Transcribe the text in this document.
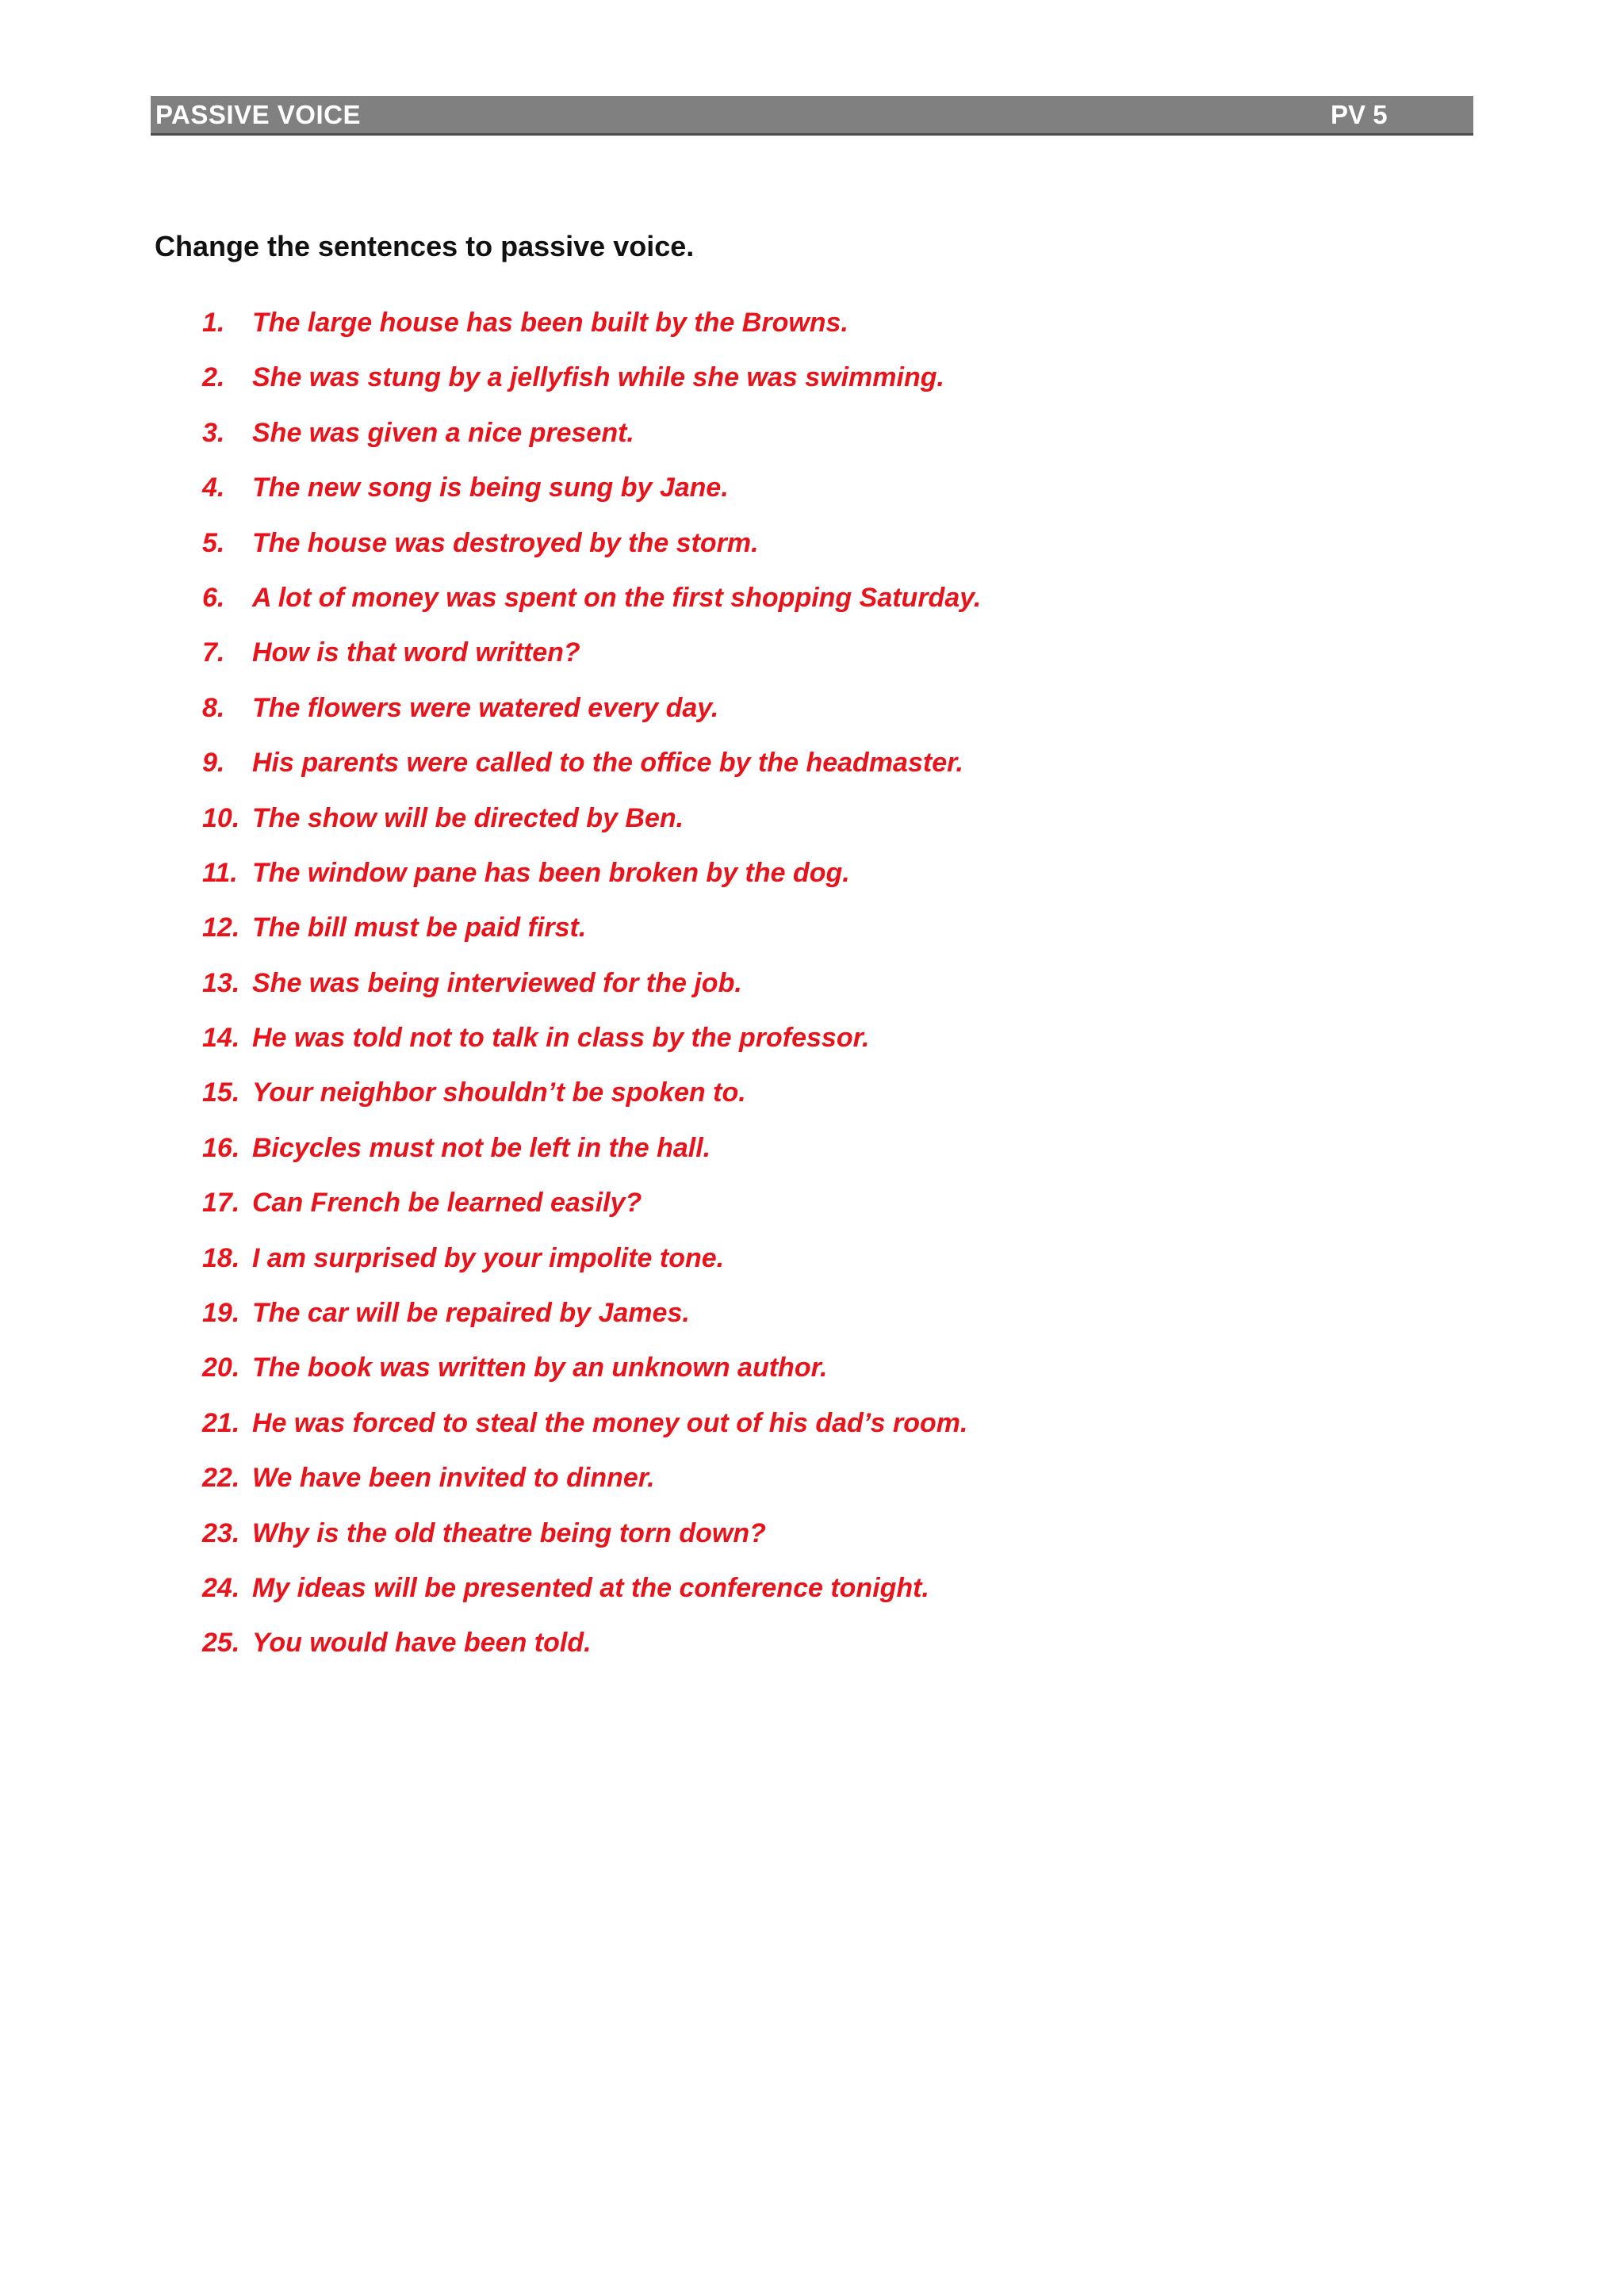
PASSIVE VOICE	PV 5

Change the sentences to passive voice.

1. The large house has been built by the Browns.
2. She was stung by a jellyfish while she was swimming.
3. She was given a nice present.
4. The new song is being sung by Jane.
5. The house was destroyed by the storm.
6. A lot of money was spent on the first shopping Saturday.
7. How is that word written?
8. The flowers were watered every day.
9. His parents were called to the office by the headmaster.
10. The show will be directed by Ben.
11. The window pane has been broken by the dog.
12. The bill must be paid first.
13. She was being interviewed for the job.
14. He was told not to talk in class by the professor.
15. Your neighbor shouldn’t be spoken to.
16. Bicycles must not be left in the hall.
17. Can French be learned easily?
18. I am surprised by your impolite tone.
19. The car will be repaired by James.
20. The book was written by an unknown author.
21. He was forced to steal the money out of his dad’s room.
22. We have been invited to dinner.
23. Why is the old theatre being torn down?
24. My ideas will be presented at the conference tonight.
25. You would have been told.
